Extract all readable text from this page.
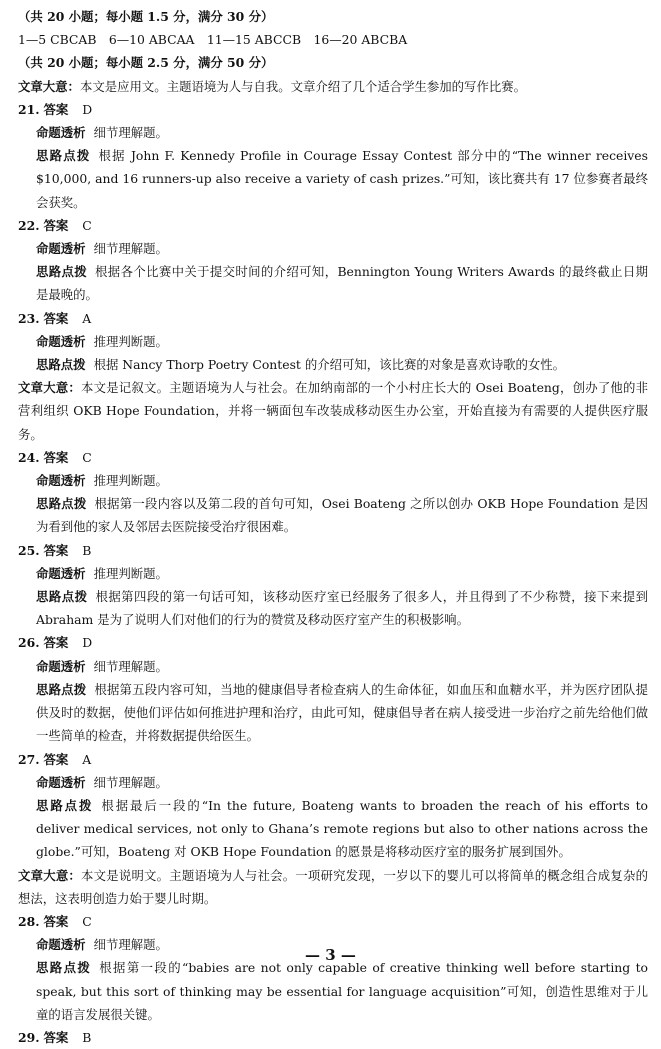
（共 20 小题；每小题 1.5 分，满分 30 分）
1—5 CBCAB　6—10 ABCAA　11—15 ABCCB　16—20 ABCBA
（共 20 小题；每小题 2.5 分，满分 50 分）
文章大意：本文是应用文。主题语境为人与自我。文章介绍了几个适合学生参加的写作比赛。
21. 答案 D
命题透析 细节理解题。
思路点拨 根据 John F. Kennedy Profile in Courage Essay Contest 部分中的“The winner receives $10,000, and 16 runners-up also receive a variety of cash prizes.”可知，该比赛共有 17 位参赛者最终会获奖。
22. 答案 C
命题透析 细节理解题。
思路点拨 根据各个比赛中关于提交时间的介绍可知，Bennington Young Writers Awards 的最终截止日期是最晚的。
23. 答案 A
命题透析 推理判断题。
思路点拨 根据 Nancy Thorp Poetry Contest 的介绍可知，该比赛的对象是喜欢诗歌的女性。
文章大意：本文是记叙文。主题语境为人与社会。在加纳南部的一个小村庄长大的 Osei Boateng，创办了他的非营利组织 OKB Hope Foundation，并将一辆面包车改装成移动医生办公室，开始直接为有需要的人提供医疗服务。
24. 答案 C
命题透析 推理判断题。
思路点拨 根据第一段内容以及第二段的首句可知，Osei Boateng 之所以创办 OKB Hope Foundation 是因为看到他的家人及邻居去医院接受治疗很困难。
25. 答案 B
命题透析 推理判断题。
思路点拨 根据第四段的第一句话可知，该移动医疗室已经服务了很多人，并且得到了不少称赞，接下来提到 Abraham 是为了说明人们对他们的行为的赞赏及移动医疗室产生的积极影响。
26. 答案 D
命题透析 细节理解题。
思路点拨 根据第五段内容可知，当地的健康倡导者检查病人的生命体征，如血压和血糖水平，并为医疗团队提供及时的数据，使他们评估如何推进护理和治疗，由此可知，健康倡导者在病人接受进一步治疗之前先给他们做一些简单的检查，并将数据提供给医生。
27. 答案 A
命题透析 细节理解题。
思路点拨 根据最后一段的“In the future, Boateng wants to broaden the reach of his efforts to deliver medical services, not only to Ghana’s remote regions but also to other nations across the globe.”可知，Boateng 对 OKB Hope Foundation 的愿景是将移动医疗室的服务扩展到国外。
文章大意：本文是说明文。主题语境为人与社会。一项研究发现，一岁以下的婴儿可以将简单的概念组合成复杂的想法，这表明创造力始于婴儿时期。
28. 答案 C
命题透析 细节理解题。
思路点拨 根据第一段的“babies are not only capable of creative thinking well before starting to speak, but this sort of thinking may be essential for language acquisition”可知，创造性思维对于儿童的语言发展很关键。
29. 答案 B
— 3 —
